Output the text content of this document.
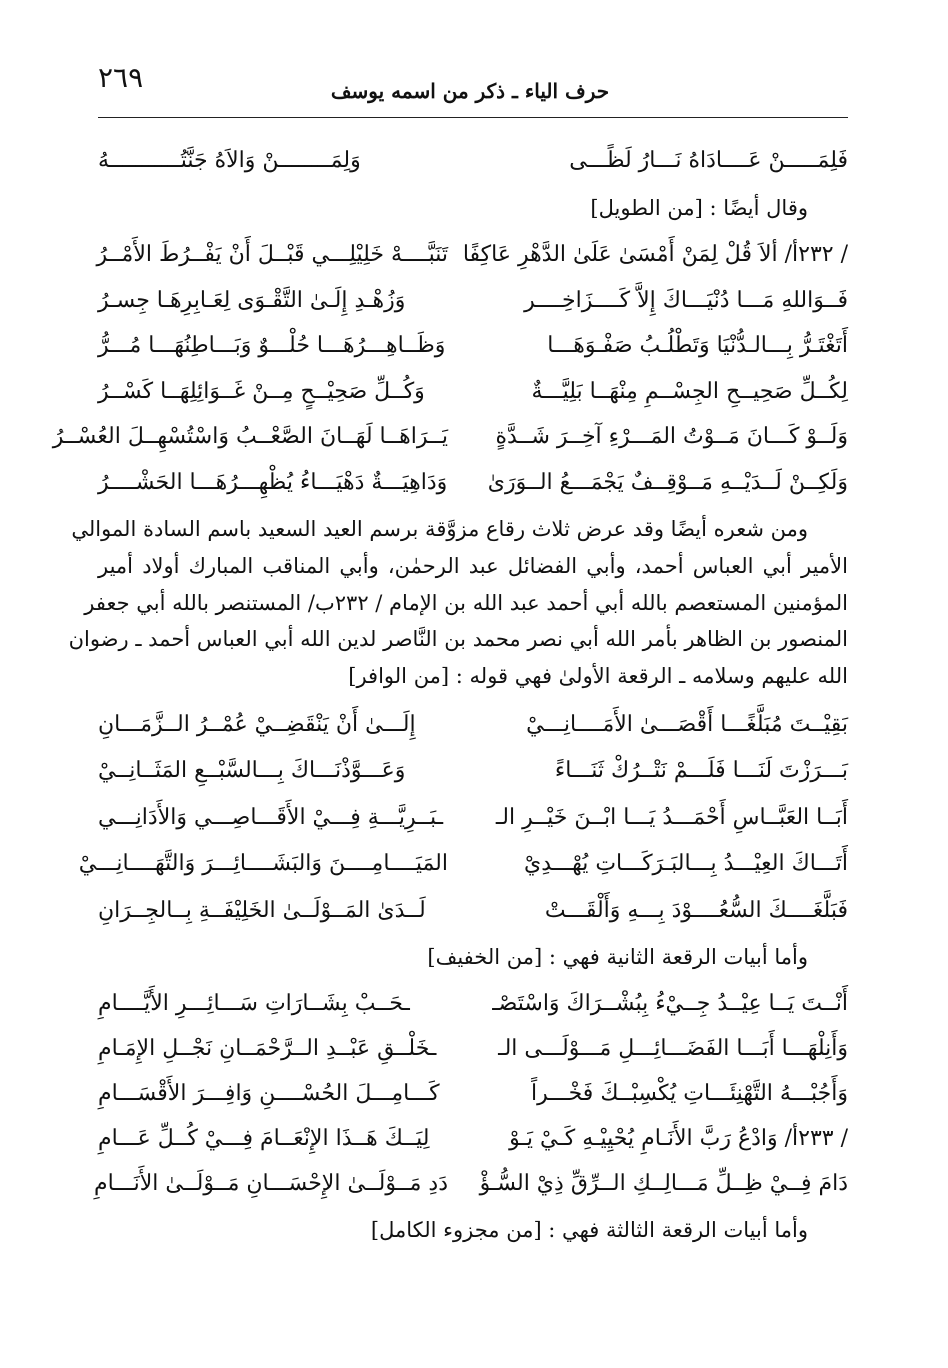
٢٦٩	حرف الياء ـ ذكر من اسمه يوسف
فَلِمَـــــنْ عَــــادَاهُ نَـــارُ لَظًـــى
وَلِمَــــــــنْ وَالاَهُ جَنَّتُـــــــــــهُ
وقال أيضًا : [من الطويل]
/ ٢٣٢أ/ ألاَ قُلْ لِمَنْ أَمْسَىٰ عَلَىٰ الدَّهْرِ عَاكِفًا
تَنَبَّــــهْ خَلِيْلِـــي قَبْــلَ أَنْ يَفْــرُطَ الأَمْــرُ
فَــوَاللهِ مَـــا دُنْيَـــاكَ إِلاَّ كَــــزَاخِــــر
وَزُهْـدِ إِلَـىٰ التَّقْـوَى لِعَـابِرِهَـا جِسـرُ
أَتَغْتَـرُّ بِـــالـدُّنْيَا وَتَطْلُـبُ صَفْـوَهَـــا
وَظَــاهِـــرُهَـــا حُلْـــوٌ وَبَـــاطِنُهَـــا مُـــرُّ
لِكُــلِّ صَحِيــحِ الجِسْــمِ مِنْهَــا بَلِيَّـــةٌ
وَكُــلِّ صَحِيْــحٍ مِــنْ غَــوَائِلِهَــا كَسْــرُ
وَلَــوْ كَـــانَ مَــوْتُ المَـــرْءِ آخِــرَ شَــدَّةٍ
يَــرَاهَــا لَهَــانَ الصَّعْــبُ وَاسْتُسْهِــلَ العُسْــرُ
وَلَكِــنْ لَــدَيْــهِ مَــوْقِــفٌ يَجْمَـــعُ الــوَرَىٰ
وَدَاهِيَـــةٌ دَهْيَـــاءُ يُظْهِـــرُهَـــا الحَشْــــرُ
ومن شعره أيضًا وقد عرض ثلاث رقاع مزوَّقة برسم العيد السعيد باسم السادة الموالي
الأمير أبي العباس أحمد، وأبي الفضائل عبد الرحمٰن، وأبي المناقب المبارك أولاد أمير
المؤمنين المستعصم بالله أبي أحمد عبد الله بن الإمام / ٢٣٢ب/ المستنصر بالله أبي جعفر
المنصور بن الظاهر بأمر الله أبي نصر محمد بن النَّاصر لدين الله أبي العباس أحمد ـ رضوان
الله عليهم وسلامه ـ الرقعة الأولىٰ فهي قوله : [من الوافر]
بَقِيْــتَ مُبَلَّغًـــا أَقْصَـــىٰ الأَمَــــانِـــيْ
إِلَـــىٰ أَنْ يَنْقَضِــيْ عُمْــرُ الــزَّمَـــانِ
بَـــرَزْتَ لَنَـــا فَلَـــمْ نَتْــرُكْ ثَنَـــاءً
وَعَـــوَّذْنَـــاكَ بِـــالسَّبْــعِ المَثَــانِــيْ
أَبَــا العَبَّــاسِ أَحْمَـــدُ يَـــا ابْــنَ خَيْــرِ الـ
ـبَــرِيَّـــةِ فِـــيْ الأَقَـــاصِـــي وَالأَدَانِـــي
أَتَـــاكَ العِيْـــدُ بِـــالبَـرَكَـــاتِ يُهْـــدِيْ
المَيَــــامِــــنَ وَالبَشَــــائِـــرَ وَالتَّهَــــانِـــيْ
فَبَلَّغَــــكَ السُّعُــــوْدَ بِـــهِ وَأَلْقَـــتْ
لَــدَىٰ المَــوْلَــىٰ الخَلِيْفَــةِ بِــالجِــرَانِ
وأما أبيات الرقعة الثانية فهي : [من الخفيف]
أَنْــتَ يَــا عِيْــدُ جِــيْءُ بِبُشْــرَاكَ وَاسْتَصْـ
ـحَــبْ بِشَــارَاتِ سَـــائِـــرِ الأَيَّــــامِ
وَأَنِلْهَـــا أَبَـــا الفَضَـــائِـــلِ مَـــوْلَـــى الـ
ـخَلْــقِ عَبْــدِ الــرَّحْمَــانِ نَجْــلِ الإِمَـامِ
وَأَجُبْـــهُ التَّهْنِئَـــاتِ يُكْسِبْــكَ فَخْـــراً
كَـــامِـــلَ الحُسْــــنِ وَافِـــرَ الأَقْسَـــامِ
/ ٢٣٣أ/ وَادْعُ رَبَّ الأَنَـامِ يُحْيِيْـهِ كَـيْ يَـوْ
لِيَــكَ هَــذَا الإِنْعَــامَ فِـــيْ كُــلِّ عَـــامِ
دَامَ فِــيْ ظِــلِّ مَـــالِــكِ الــرِّقِّ ذِيْ السُّـؤْ
دَدِ مَــوْلَــىٰ الإِحْسَـــانِ مَــوْلَــىٰ الأَنَـــامِ
وأما أبيات الرقعة الثالثة فهي : [من مجزوء الكامل]
